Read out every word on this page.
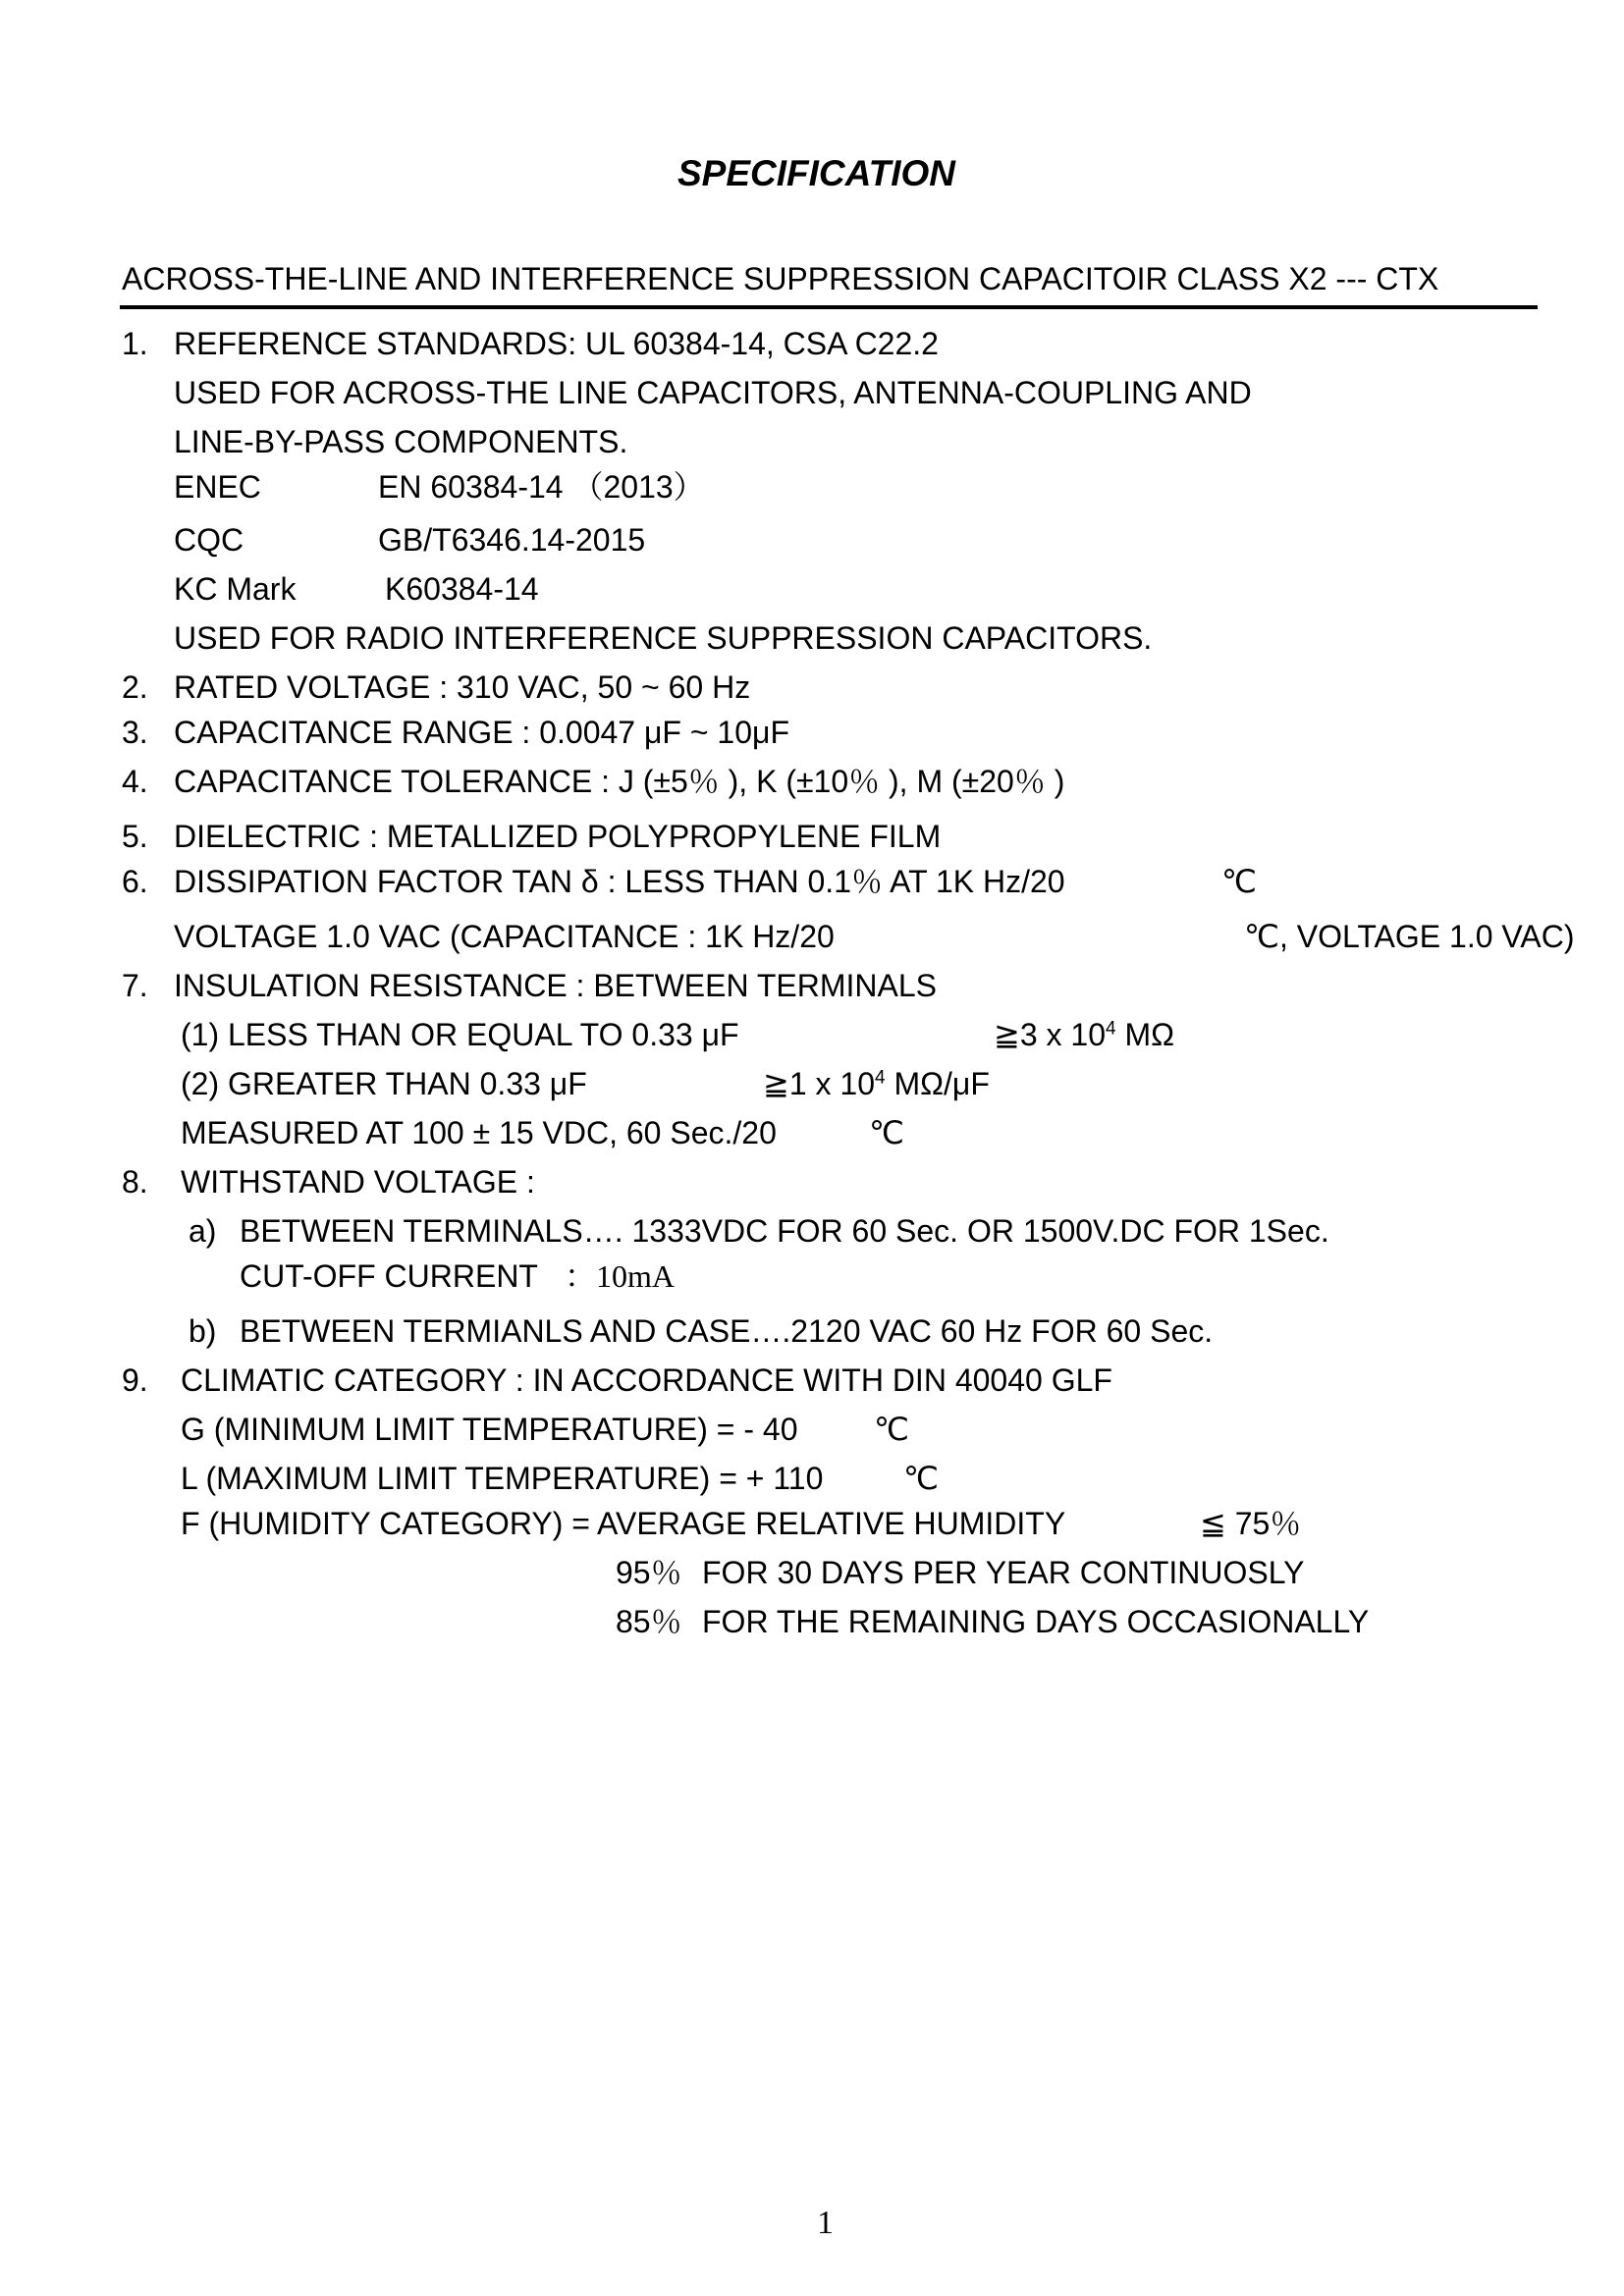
SPECIFICATION
ACROSS-THE-LINE AND INTERFERENCE SUPPRESSION CAPACITOIR CLASS X2 --- CTX
1. REFERENCE STANDARDS: UL 60384-14, CSA C22.2
USED FOR ACROSS-THE LINE CAPACITORS, ANTENNA-COUPLING AND
LINE-BY-PASS COMPONENTS.
ENEC	EN 60384-14 （2013）
CQC	GB/T6346.14-2015
KC Mark	K60384-14
USED FOR RADIO INTERFERENCE SUPPRESSION CAPACITORS.
2. RATED VOLTAGE : 310 VAC, 50 ~ 60 Hz
3. CAPACITANCE RANGE : 0.0047 μF ~ 10μF
4. CAPACITANCE TOLERANCE : J (±5％ ), K (±10％ ), M (±20％ )
5. DIELECTRIC : METALLIZED POLYPROPYLENE FILM
6. DISSIPATION FACTOR TAN δ : LESS THAN 0.1％ AT 1K Hz/20	℃
VOLTAGE 1.0 VAC (CAPACITANCE : 1K Hz/20	℃, VOLTAGE 1.0 VAC)
7. INSULATION RESISTANCE : BETWEEN TERMINALS
(1) LESS THAN OR EQUAL TO 0.33 μF	≧3 x $10^4$ MΩ
(2) GREATER THAN 0.33 μF	≧1 x $10^4$ MΩ/μF
MEASURED AT 100 ± 15 VDC, 60 Sec./20	℃
8. WITHSTAND VOLTAGE :
a) BETWEEN TERMINALS…. 1333VDC FOR 60 Sec. OR 1500V.DC FOR 1Sec.
CUT-OFF CURRENT ：10mA
b) BETWEEN TERMIANLS AND CASE….2120 VAC 60 Hz FOR 60 Sec.
9. CLIMATIC CATEGORY : IN ACCORDANCE WITH DIN 40040 GLF
G (MINIMUM LIMIT TEMPERATURE) = - 40 ℃
L (MAXIMUM LIMIT TEMPERATURE) = + 110	℃
F (HUMIDITY CATEGORY) = AVERAGE RELATIVE HUMIDITY	≦ 75％
95％ FOR 30 DAYS PER YEAR CONTINUOSLY
85％ FOR THE REMAINING DAYS OCCASIONALLY
1
